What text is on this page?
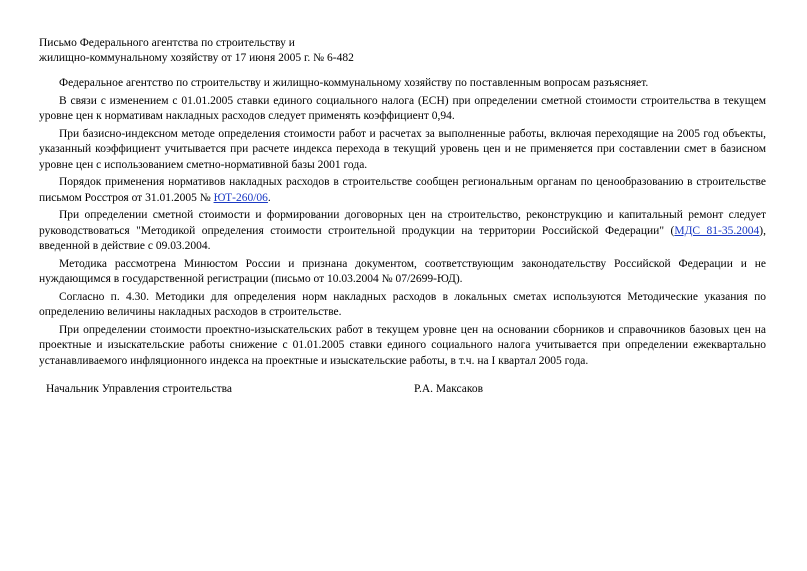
Письмо Федерального агентства по строительству и

жилищно-коммунальному хозяйству от 17 июня 2005 г. № 6-482

Федеральное агентство по строительству и жилищно-коммунальному хозяйству по поставленным вопросам разъясняет.

В связи с изменением с 01.01.2005 ставки единого социального налога (ЕСН) при определении сметной стоимости строительства в текущем уровне цен к нормативам накладных расходов следует применять коэффициент 0,94.

При базисно-индексном методе определения стоимости работ и расчетах за выполненные работы, включая переходящие на 2005 год объекты, указанный коэффициент учитывается при расчете индекса перехода в текущий уровень цен и не применяется при составлении смет в базисном уровне цен с использованием сметно-нормативной базы 2001 года.

Порядок применения нормативов накладных расходов в строительстве сообщен региональным органам по ценообразованию в строительстве письмом Росстроя от 31.01.2005 № ЮТ-260/06.

При определении сметной стоимости и формировании договорных цен на строительство, реконструкцию и капитальный ремонт следует руководствоваться "Методикой определения стоимости строительной продукции на территории Российской Федерации" (МДС 81-35.2004), введенной в действие с 09.03.2004.

Методика рассмотрена Минюстом России и признана документом, соответствующим законодательству Российской Федерации и не нуждающимся в государственной регистрации (письмо от 10.03.2004 № 07/2699-ЮД).

Согласно п. 4.30. Методики для определения норм накладных расходов в локальных сметах используются Методические указания по определению величины накладных расходов в строительстве.

При определении стоимости проектно-изыскательских работ в текущем уровне цен на основании сборников и справочников базовых цен на проектные и изыскательские работы снижение с 01.01.2005 ставки единого социального налога учитывается при определении ежеквартально устанавливаемого инфляционного индекса на проектные и изыскательские работы, в т.ч. на I квартал 2005 года.

Начальник Управления строительства	Р.А. Максаков
